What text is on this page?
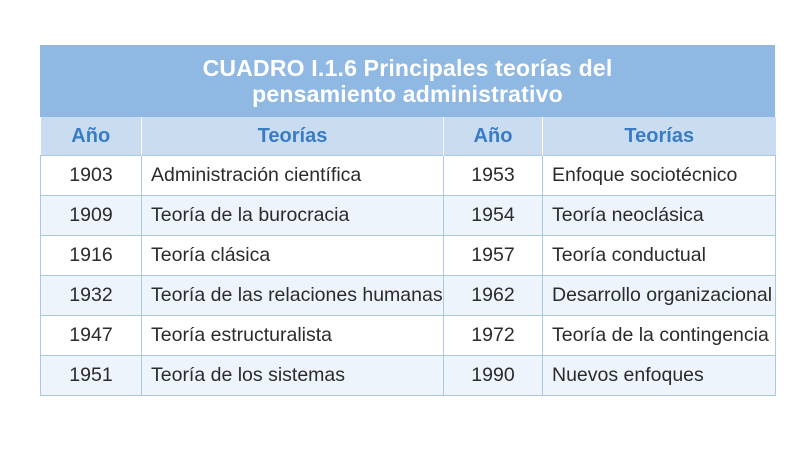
CUADRO I.1.6 Principales teorías del pensamiento administrativo
Año	Teorías	Año	Teorías
1903	Administración científica	1953	Enfoque sociotécnico
1909	Teoría de la burocracia	1954	Teoría neoclásica
1916	Teoría clásica	1957	Teoría conductual
1932	Teoría de las relaciones humanas	1962	Desarrollo organizacional
1947	Teoría estructuralista	1972	Teoría de la contingencia
1951	Teoría de los sistemas	1990	Nuevos enfoques
